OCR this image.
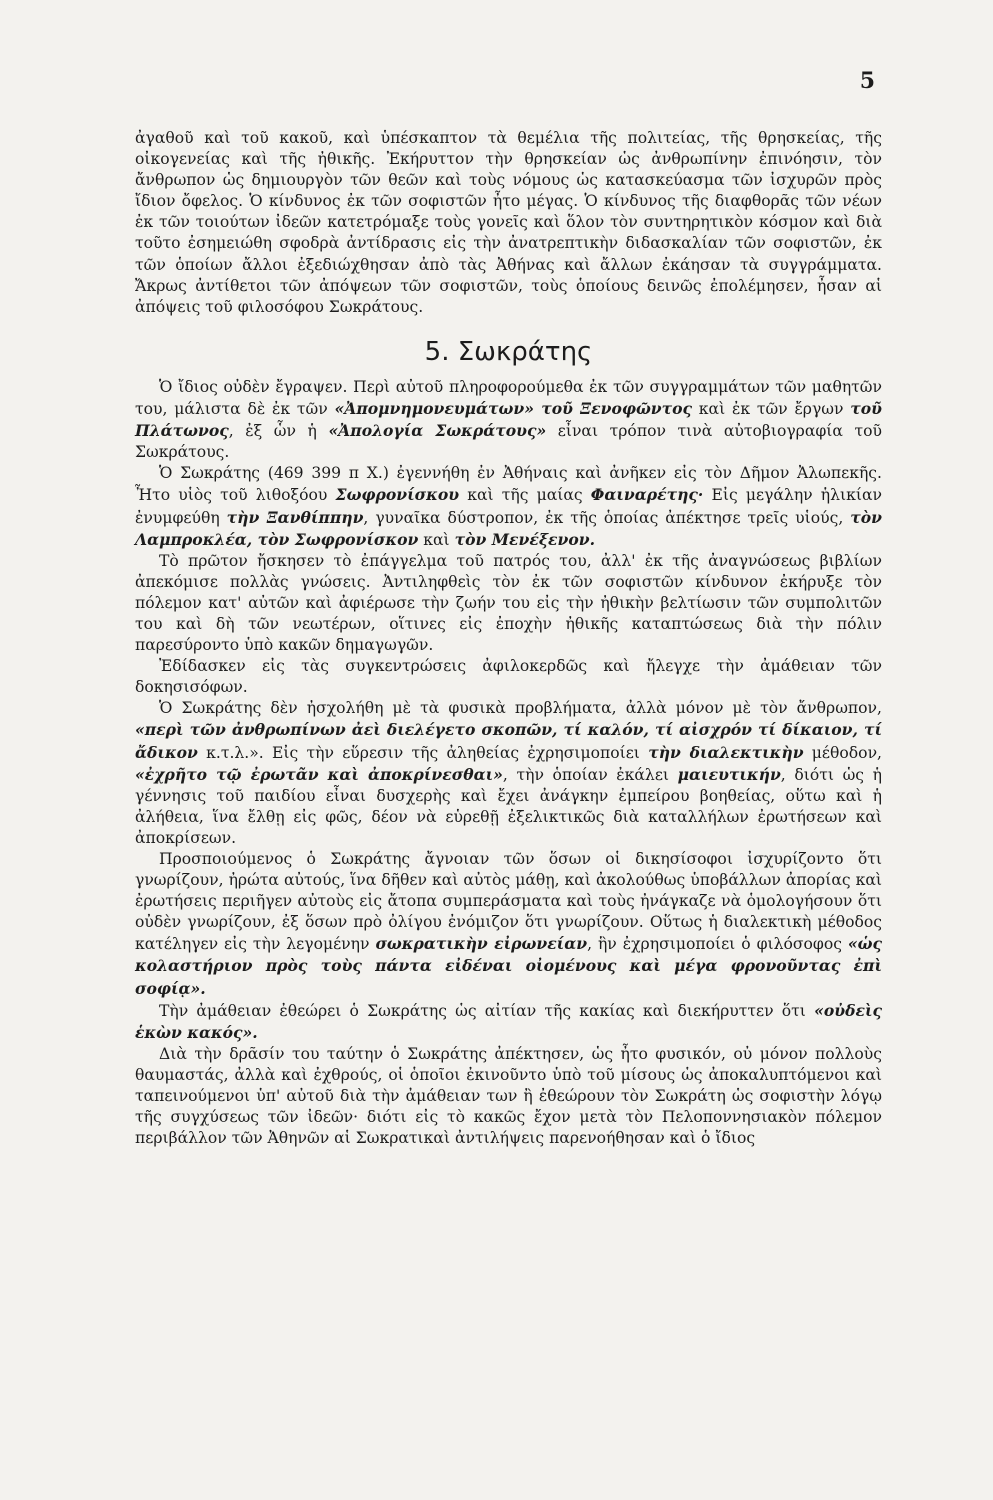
5

ἀγαθοῦ καὶ τοῦ κακοῦ, καὶ ὑπέσκαπτον τὰ θεμέλια τῆς πολιτείας, τῆς θρησκείας, τῆς οἰκογενείας καὶ τῆς ἠθικῆς. Ἐκήρυττον τὴν θρησκείαν ὡς ἀνθρωπίνην ἐπινόησιν, τὸν ἄνθρωπον ὡς δημιουργὸν τῶν θεῶν καὶ τοὺς νόμους ὡς κατασκεύασμα τῶν ἰσχυρῶν πρὸς ἴδιον ὄφελος. Ὁ κίνδυνος ἐκ τῶν σοφιστῶν ἦτο μέγας. Ὁ κίνδυνος τῆς διαφθορᾶς τῶν νέων ἐκ τῶν τοιούτων ἰδεῶν κατετρόμαξε τοὺς γονεῖς καὶ ὅλον τὸν συντηρητικὸν κόσμον καὶ διὰ τοῦτο ἐσημειώθη σφοδρὰ ἀντίδρασις εἰς τὴν ἀνατρεπτικὴν διδασκαλίαν τῶν σοφιστῶν, ἐκ τῶν ὁποίων ἄλλοι ἐξεδιώχθησαν ἀπὸ τὰς Ἀθήνας καὶ ἄλλων ἐκάησαν τὰ συγγράμματα. Ἄκρως ἀντίθετοι τῶν ἀπόψεων τῶν σοφιστῶν, τοὺς ὁποίους δεινῶς ἐπολέμησεν, ἦσαν αἱ ἀπόψεις τοῦ φιλοσόφου Σωκράτους.

5. Σωκράτης

Ὁ ἴδιος οὐδὲν ἔγραψεν. Περὶ αὐτοῦ πληροφορούμεθα ἐκ τῶν συγγραμμάτων τῶν μαθητῶν του, μάλιστα δὲ ἐκ τῶν «Ἀπομνημονευμάτων» τοῦ Ξενοφῶντος καὶ ἐκ τῶν ἔργων τοῦ Πλάτωνος, ἐξ ὧν ἡ «Ἀπολογία Σωκράτους» εἶναι τρόπον τινὰ αὐτοβιογραφία τοῦ Σωκράτους.

Ὁ Σωκράτης (469 399 π Χ.) ἐγεννήθη ἐν Ἀθήναις καὶ ἀνῆκεν εἰς τὸν Δῆμον Ἀλωπεκῆς. Ἦτο υἱὸς τοῦ λιθοξόου Σωφρονίσκου καὶ τῆς μαίας Φαιναρέτης· Εἰς μεγάλην ἡλικίαν ἐνυμφεύθη τὴν Ξανθίππην, γυναῖκα δύστροπον, ἐκ τῆς ὁποίας ἀπέκτησε τρεῖς υἱούς, τὸν Λαμπροκλέα, τὸν Σωφρονίσκον καὶ τὸν Μενέξενον.

Τὸ πρῶτον ἤσκησεν τὸ ἐπάγγελμα τοῦ πατρός του, ἀλλ' ἐκ τῆς ἀναγνώσεως βιβλίων ἀπεκόμισε πολλὰς γνώσεις. Ἀντιληφθεὶς τὸν ἐκ τῶν σοφιστῶν κίνδυνον ἐκήρυξε τὸν πόλεμον κατ' αὐτῶν καὶ ἀφιέρωσε τὴν ζωήν του εἰς τὴν ἠθικὴν βελτίωσιν τῶν συμπολιτῶν του καὶ δὴ τῶν νεωτέρων, οἵτινες εἰς ἐποχὴν ἠθικῆς καταπτώσεως διὰ τὴν πόλιν παρεσύροντο ὑπὸ κακῶν δημαγωγῶν.

Ἐδίδασκεν εἰς τὰς συγκεντρώσεις ἀφιλοκερδῶς καὶ ἤλεγχε τὴν ἀμάθειαν τῶν δοκησισόφων.

Ὁ Σωκράτης δὲν ἠσχολήθη μὲ τὰ φυσικὰ προβλήματα, ἀλλὰ μόνον μὲ τὸν ἄνθρωπον, «περὶ τῶν ἀνθρωπίνων ἀεὶ διελέγετο σκοπῶν, τί καλόν, τί αἰσχρόν τί δίκαιον, τί ἄδικον κ.τ.λ.». Εἰς τὴν εὕρεσιν τῆς ἀληθείας ἐχρησιμοποίει τὴν διαλεκτικὴν μέθοδον, «ἐχρῆτο τῷ ἐρωτᾶν καὶ ἀποκρίνεσθαι», τὴν ὁποίαν ἐκάλει μαιευτικήν, διότι ὡς ἡ γέννησις τοῦ παιδίου εἶναι δυσχερὴς καὶ ἔχει ἀνάγκην ἐμπείρου βοηθείας, οὕτω καὶ ἡ ἀλήθεια, ἵνα ἔλθῃ εἰς φῶς, δέον νὰ εὑρεθῇ ἐξελικτικῶς διὰ καταλλήλων ἐρωτήσεων καὶ ἀποκρίσεων.

Προσποιούμενος ὁ Σωκράτης ἄγνοιαν τῶν ὅσων οἱ δικησίσοφοι ἰσχυρίζοντο ὅτι γνωρίζουν, ἠρώτα αὐτούς, ἵνα δῆθεν καὶ αὐτὸς μάθῃ, καὶ ἀκολούθως ὑποβάλλων ἀπορίας καὶ ἐρωτήσεις περιῆγεν αὐτοὺς εἰς ἄτοπα συμπεράσματα καὶ τοὺς ἠνάγκαζε νὰ ὁμολογήσουν ὅτι οὐδὲν γνωρίζουν, ἐξ ὅσων πρὸ ὀλίγου ἐνόμιζον ὅτι γνωρίζουν. Οὕτως ἡ διαλεκτικὴ μέθοδος κατέληγεν εἰς τὴν λεγομένην σωκρατικὴν εἰρωνείαν, ἣν ἐχρησιμοποίει ὁ φιλόσοφος «ὡς κολαστήριον πρὸς τοὺς πάντα εἰδέναι οἰομένους καὶ μέγα φρονοῦντας ἐπὶ σοφίᾳ».

Τὴν ἀμάθειαν ἐθεώρει ὁ Σωκράτης ὡς αἰτίαν τῆς κακίας καὶ διεκήρυττεν ὅτι «οὐδεὶς ἑκὼν κακός».

Διὰ τὴν δρᾶσίν του ταύτην ὁ Σωκράτης ἀπέκτησεν, ὡς ἦτο φυσικόν, οὐ μόνον πολλοὺς θαυμαστάς, ἀλλὰ καὶ ἐχθρούς, οἱ ὁποῖοι ἐκινοῦντο ὑπὸ τοῦ μίσους ὡς ἀποκαλυπτόμενοι καὶ ταπεινούμενοι ὑπ' αὐτοῦ διὰ τὴν ἀμάθειαν των ἢ ἐθεώρουν τὸν Σωκράτη ὡς σοφιστὴν λόγῳ τῆς συγχύσεως τῶν ἰδεῶν· διότι εἰς τὸ κακῶς ἔχον μετὰ τὸν Πελοποννησιακὸν πόλεμον περιβάλλον τῶν Ἀθηνῶν αἱ Σωκρατικαὶ ἀντιλήψεις παρενοήθησαν καὶ ὁ ἴδιος
